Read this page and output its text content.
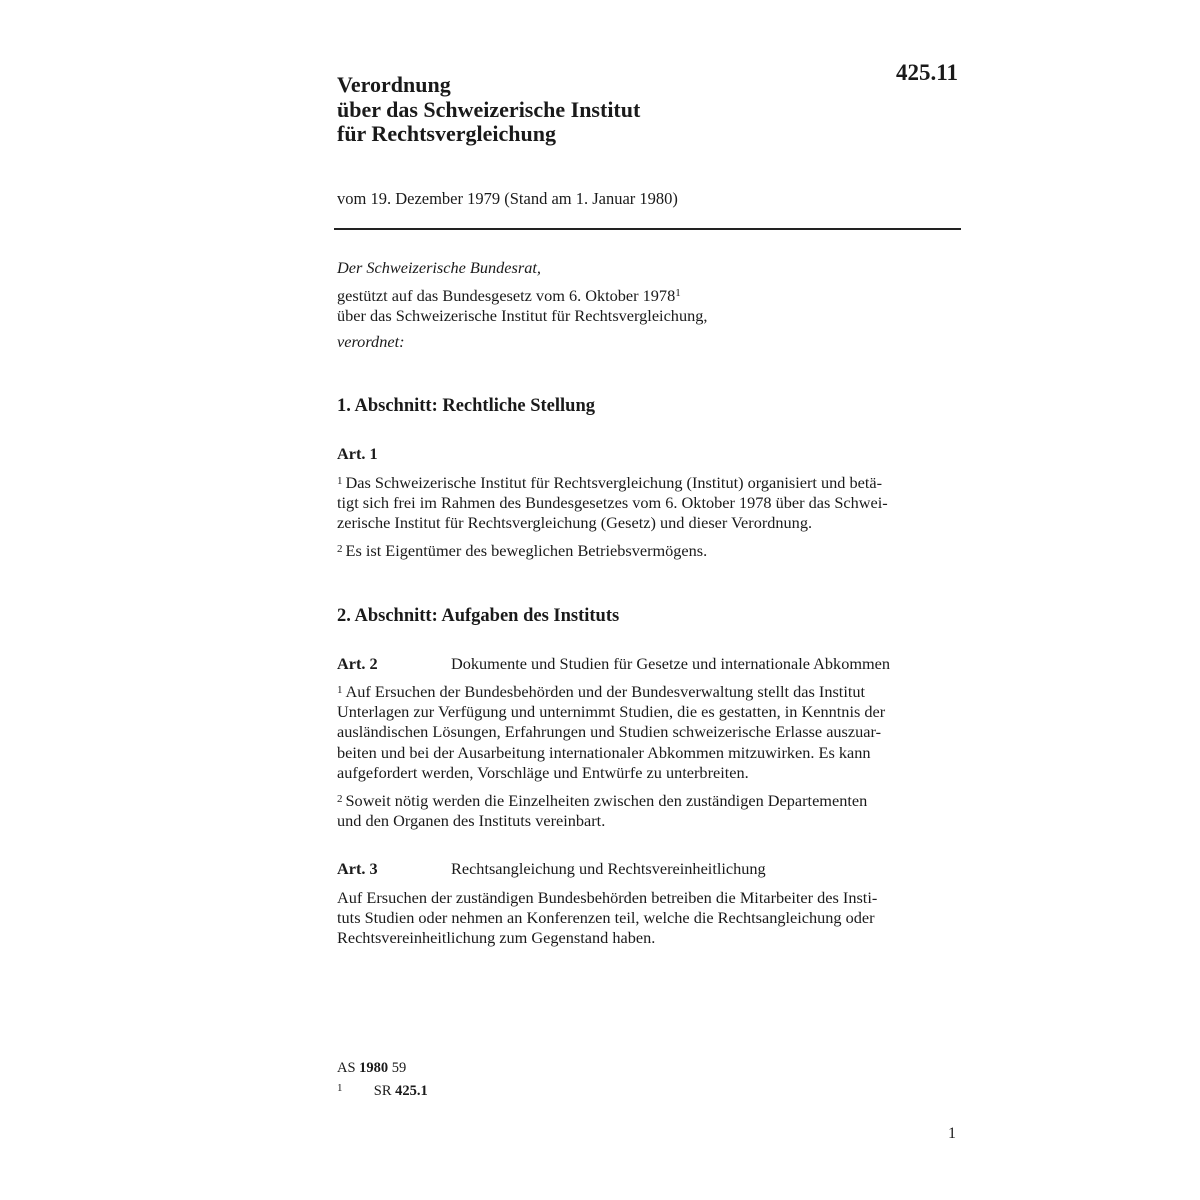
425.11
Verordnung
über das Schweizerische Institut
für Rechtsvergleichung
vom 19. Dezember 1979 (Stand am 1. Januar 1980)
Der Schweizerische Bundesrat,
gestützt auf das Bundesgesetz vom 6. Oktober 1978$^1$
über das Schweizerische Institut für Rechtsvergleichung,
verordnet:
1. Abschnitt: Rechtliche Stellung
Art. 1
$^1$ Das Schweizerische Institut für Rechtsvergleichung (Institut) organisiert und betä-
tigt sich frei im Rahmen des Bundesgesetzes vom 6. Oktober 1978 über das Schwei-
zerische Institut für Rechtsvergleichung (Gesetz) und dieser Verordnung.
$^2$ Es ist Eigentümer des beweglichen Betriebsvermögens.
2. Abschnitt: Aufgaben des Instituts
Art. 2	Dokumente und Studien für Gesetze und internationale Abkommen
$^1$ Auf Ersuchen der Bundesbehörden und der Bundesverwaltung stellt das Institut
Unterlagen zur Verfügung und unternimmt Studien, die es gestatten, in Kenntnis der
ausländischen Lösungen, Erfahrungen und Studien schweizerische Erlasse auszuar-
beiten und bei der Ausarbeitung internationaler Abkommen mitzuwirken. Es kann
aufgefordert werden, Vorschläge und Entwürfe zu unterbreiten.
$^2$ Soweit nötig werden die Einzelheiten zwischen den zuständigen Departementen
und den Organen des Instituts vereinbart.
Art. 3	Rechtsangleichung und Rechtsvereinheitlichung
Auf Ersuchen der zuständigen Bundesbehörden betreiben die Mitarbeiter des Insti-
tuts Studien oder nehmen an Konferenzen teil, welche die Rechtsangleichung oder
Rechtsvereinheitlichung zum Gegenstand haben.
AS 1980 59
$^1$ SR 425.1
1
